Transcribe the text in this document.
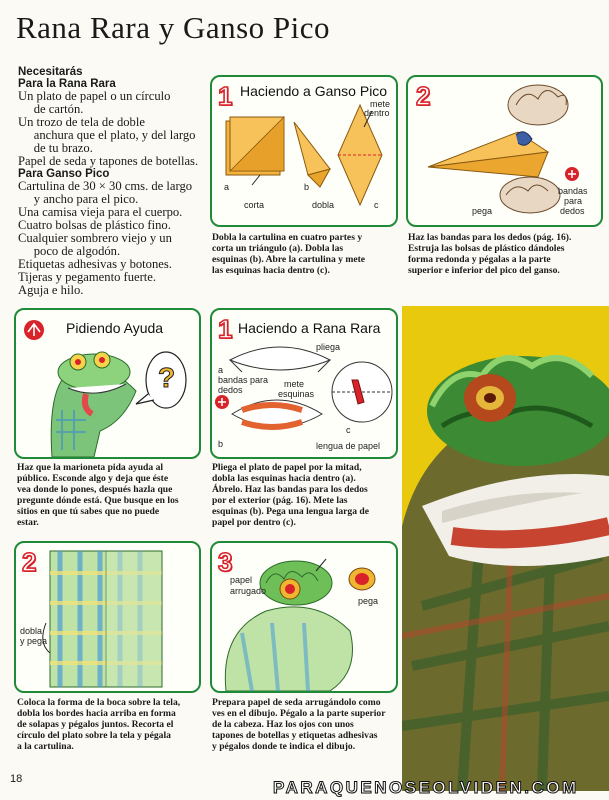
Rana Rara y Ganso Pico
Necesitarás
Para la Rana Rara
Un plato de papel o un círculo
de cartón.
Un trozo de tela de doble
anchura que el plato, y del largo
de tu brazo.
Papel de seda y tapones de botellas.
Para Ganso Pico
Cartulina de 30 × 30 cms. de largo
y ancho para el pico.
Una camisa vieja para el cuerpo.
Cuatro bolsas de plástico fino.
Cualquier sombrero viejo y un
poco de algodón.
Etiquetas adhesivas y botones.
Tijeras y pegamento fuerte.
Aguja e hilo.
1 Haciendo a Ganso Pico
a
corta
b
dobla	c
mete
dentro
Dobla la cartulina en cuatro partes y
corta un triángulo (a). Dobla las
esquinas (b). Abre la cartulina y mete
las esquinas hacia dentro (c).
2
bandas
para
dedos
pega
Haz las bandas para los dedos (pág. 16).
Estruja las bolsas de plástico dándoles
forma redonda y pégalas a la parte
superior e inferior del pico del ganso.
Pidiendo Ayuda
?
Haz que la marioneta pida ayuda al
público. Esconde algo y deja que éste
vea donde lo pones, después hazla que
pregunte dónde está. Que busque en los
sitios en que tú sabes que no puede
estar.
1 Haciendo a Rana Rara
pliega
a
bandas para
dedos
mete
esquinas
b
c
lengua de papel
Pliega el plato de papel por la mitad,
dobla las esquinas hacia dentro (a).
Ábrelo. Haz las bandas para los dedos
por el exterior (pág. 16). Mete las
esquinas (b). Pega una lengua larga de
papel por dentro (c).
2
dobla
y pega
Coloca la forma de la boca sobre la tela,
dobla los bordes hacia arriba en forma
de solapas y pégalos juntos. Recorta el
círculo del plato sobre la tela y pégala
a la cartulina.
3
papel
arrugado
pega
Prepara papel de seda arrugándolo como
ves en el dibujo. Pégalo a la parte superior
de la cabeza. Haz los ojos con unos
tapones de botellas y etiquetas adhesivas
y pégalos donde te indica el dibujo.
18	PARAQUENOSEOLVIDEN.COM
